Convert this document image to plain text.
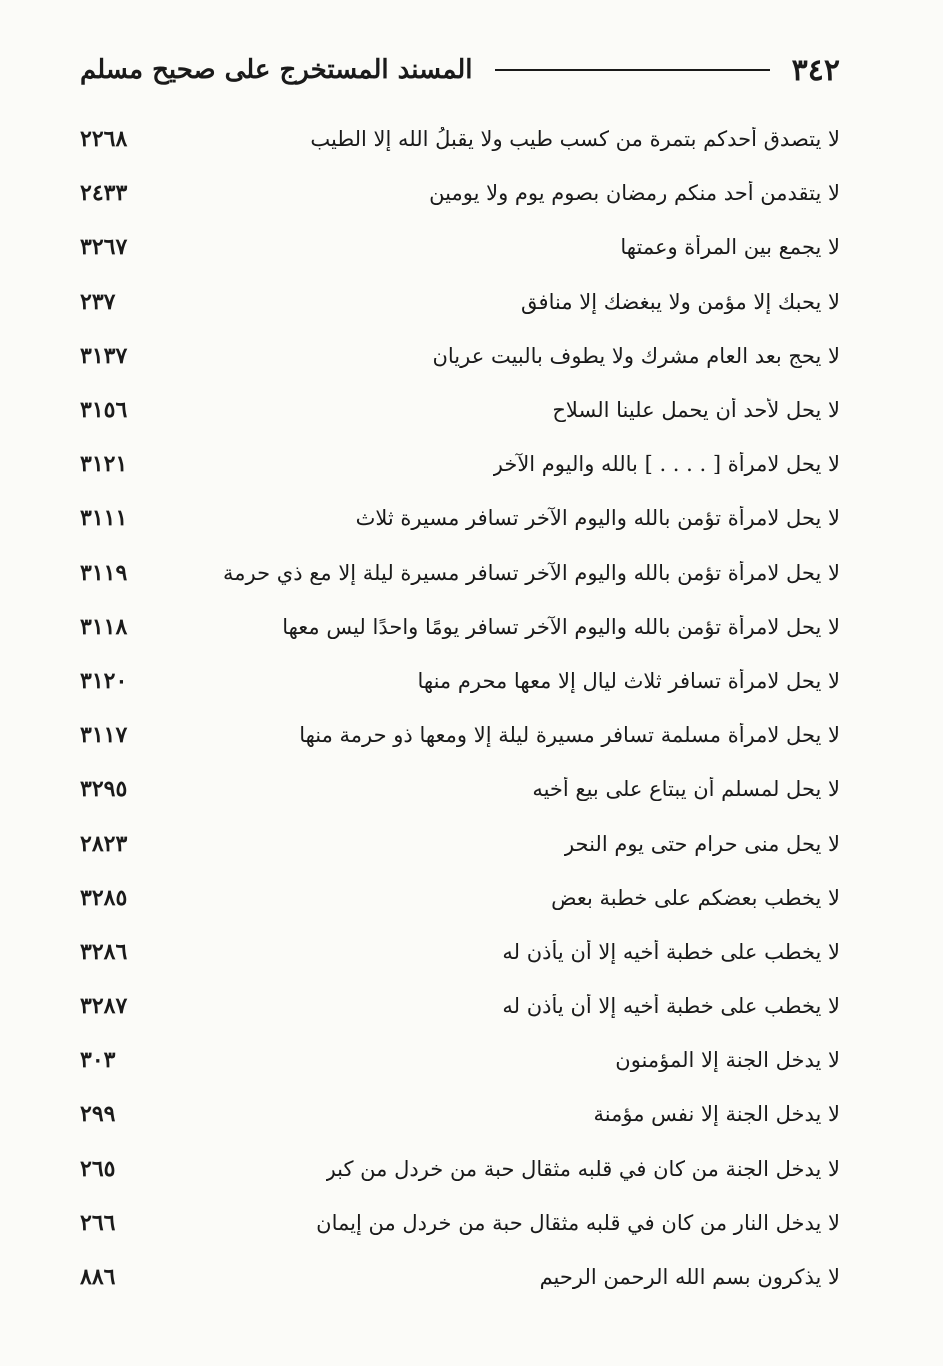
٣٤٢
المسند المستخرج على صحيح مسلم
لا يتصدق أحدكم بتمرة من كسب طيب ولا يقبلُ الله إلا الطيب
٢٢٦٨
لا يتقدمن أحد منكم رمضان بصوم يوم ولا يومين
٢٤٣٣
لا يجمع بين المرأة وعمتها
٣٢٦٧
لا يحبك إلا مؤمن ولا يبغضك إلا منافق
٢٣٧
لا يحج بعد العام مشرك ولا يطوف بالبيت عريان
٣١٣٧
لا يحل لأحد أن يحمل علينا السلاح
٣١٥٦
لا يحل لامرأة [ . . . . ] بالله واليوم الآخر
٣١٢١
لا يحل لامرأة تؤمن بالله واليوم الآخر تسافر مسيرة ثلاث
٣١١١
لا يحل لامرأة تؤمن بالله واليوم الآخر تسافر مسيرة ليلة إلا مع ذي حرمة
٣١١٩
لا يحل لامرأة تؤمن بالله واليوم الآخر تسافر يومًا واحدًا ليس معها
٣١١٨
لا يحل لامرأة تسافر ثلاث ليال إلا معها محرم منها
٣١٢٠
لا يحل لامرأة مسلمة تسافر مسيرة ليلة إلا ومعها ذو حرمة منها
٣١١٧
لا يحل لمسلم أن يبتاع على بيع أخيه
٣٢٩٥
لا يحل منى حرام حتى يوم النحر
٢٨٢٣
لا يخطب بعضكم على خطبة بعض
٣٢٨٥
لا يخطب على خطبة أخيه إلا أن يأذن له
٣٢٨٦
لا يخطب على خطبة أخيه إلا أن يأذن له
٣٢٨٧
لا يدخل الجنة إلا المؤمنون
٣٠٣
لا يدخل الجنة إلا نفس مؤمنة
٢٩٩
لا يدخل الجنة من كان في قلبه مثقال حبة من خردل من كبر
٢٦٥
لا يدخل النار من كان في قلبه مثقال حبة من خردل من إيمان
٢٦٦
لا يذكرون بسم الله الرحمن الرحيم
٨٨٦
